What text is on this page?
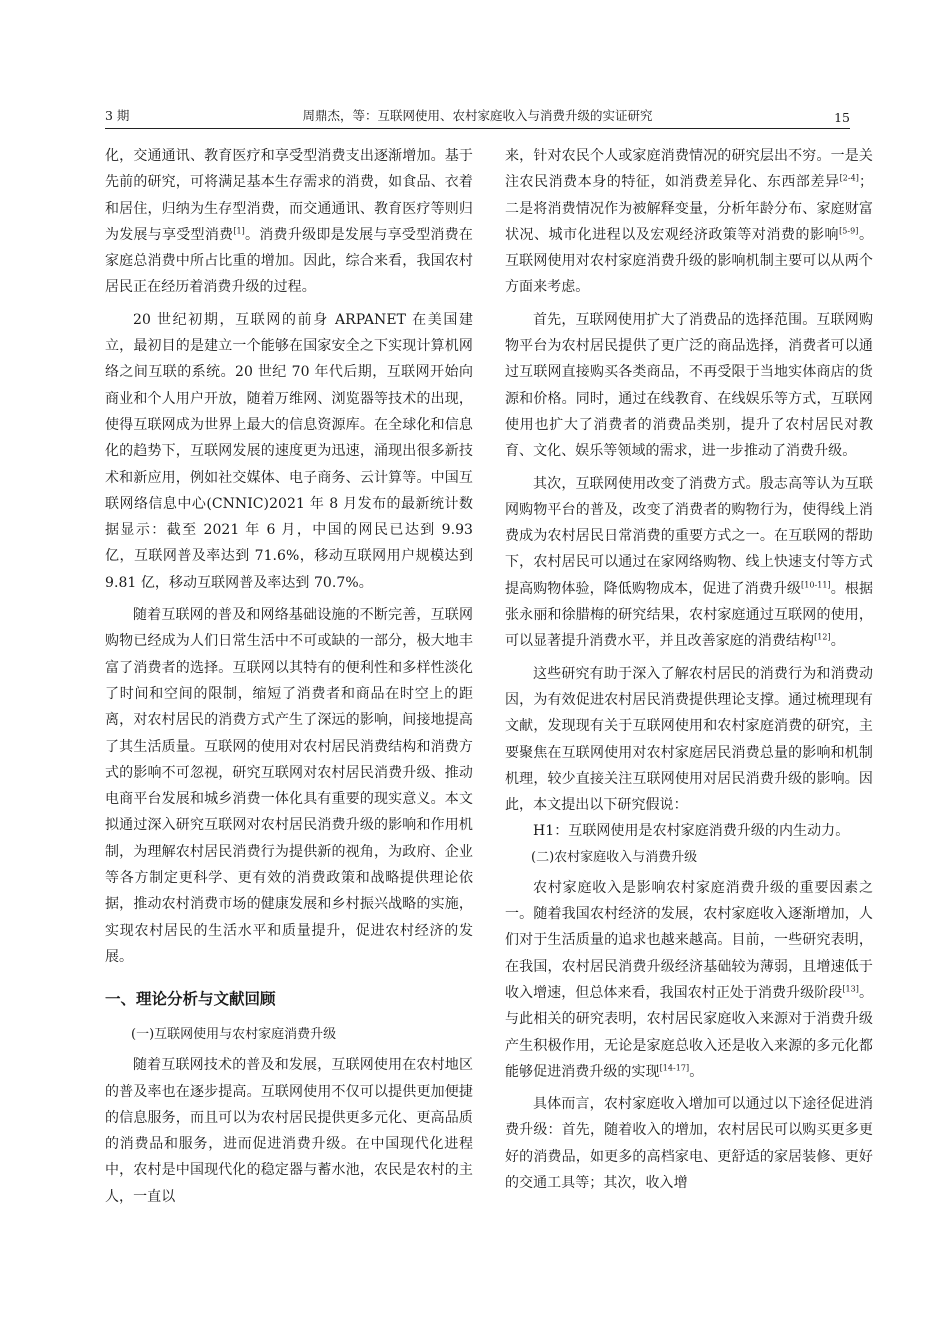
3 期	周鼎杰，等：互联网使用、农村家庭收入与消费升级的实证研究	15

化，交通通讯、教育医疗和享受型消费支出逐渐增加。基于先前的研究，可将满足基本生存需求的消费，如食品、衣着和居住，归纳为生存型消费，而交通通讯、教育医疗等则归为发展与享受型消费[1]。消费升级即是发展与享受型消费在家庭总消费中所占比重的增加。因此，综合来看，我国农村居民正在经历着消费升级的过程。

20 世纪初期，互联网的前身 ARPANET 在美国建立，最初目的是建立一个能够在国家安全之下实现计算机网络之间互联的系统。20 世纪 70 年代后期，互联网开始向商业和个人用户开放，随着万维网、浏览器等技术的出现，使得互联网成为世界上最大的信息资源库。在全球化和信息化的趋势下，互联网发展的速度更为迅速，涌现出很多新技术和新应用，例如社交媒体、电子商务、云计算等。中国互联网络信息中心(CNNIC)2021 年 8 月发布的最新统计数据显示：截至 2021 年 6 月，中国的网民已达到 9.93 亿，互联网普及率达到 71.6%，移动互联网用户规模达到 9.81 亿，移动互联网普及率达到 70.7%。

随着互联网的普及和网络基础设施的不断完善，互联网购物已经成为人们日常生活中不可或缺的一部分，极大地丰富了消费者的选择。互联网以其特有的便利性和多样性淡化了时间和空间的限制，缩短了消费者和商品在时空上的距离，对农村居民的消费方式产生了深远的影响，间接地提高了其生活质量。互联网的使用对农村居民消费结构和消费方式的影响不可忽视，研究互联网对农村居民消费升级、推动电商平台发展和城乡消费一体化具有重要的现实意义。本文拟通过深入研究互联网对农村居民消费升级的影响和作用机制，为理解农村居民消费行为提供新的视角，为政府、企业等各方制定更科学、更有效的消费政策和战略提供理论依据，推动农村消费市场的健康发展和乡村振兴战略的实施，实现农村居民的生活水平和质量提升，促进农村经济的发展。

一、理论分析与文献回顾
(一)互联网使用与农村家庭消费升级

随着互联网技术的普及和发展，互联网使用在农村地区的普及率也在逐步提高。互联网使用不仅可以提供更加便捷的信息服务，而且可以为农村居民提供更多元化、更高品质的消费品和服务，进而促进消费升级。在中国现代化进程中，农村是中国现代化的稳定器与蓄水池，农民是农村的主人，一直以

来，针对农民个人或家庭消费情况的研究层出不穷。一是关注农民消费本身的特征，如消费差异化、东西部差异[2-4]；二是将消费情况作为被解释变量，分析年龄分布、家庭财富状况、城市化进程以及宏观经济政策等对消费的影响[5-9]。互联网使用对农村家庭消费升级的影响机制主要可以从两个方面来考虑。

首先，互联网使用扩大了消费品的选择范围。互联网购物平台为农村居民提供了更广泛的商品选择，消费者可以通过互联网直接购买各类商品，不再受限于当地实体商店的货源和价格。同时，通过在线教育、在线娱乐等方式，互联网使用也扩大了消费者的消费品类别，提升了农村居民对教育、文化、娱乐等领域的需求，进一步推动了消费升级。

其次，互联网使用改变了消费方式。殷志高等认为互联网购物平台的普及，改变了消费者的购物行为，使得线上消费成为农村居民日常消费的重要方式之一。在互联网的帮助下，农村居民可以通过在家网络购物、线上快速支付等方式提高购物体验，降低购物成本，促进了消费升级[10-11]。根据张永丽和徐腊梅的研究结果，农村家庭通过互联网的使用，可以显著提升消费水平，并且改善家庭的消费结构[12]。

这些研究有助于深入了解农村居民的消费行为和消费动因，为有效促进农村居民消费提供理论支撑。通过梳理现有文献，发现现有关于互联网使用和农村家庭消费的研究，主要聚焦在互联网使用对农村家庭居民消费总量的影响和机制机理，较少直接关注互联网使用对居民消费升级的影响。因此，本文提出以下研究假说：

H1：互联网使用是农村家庭消费升级的内生动力。

(二)农村家庭收入与消费升级

农村家庭收入是影响农村家庭消费升级的重要因素之一。随着我国农村经济的发展，农村家庭收入逐渐增加，人们对于生活质量的追求也越来越高。目前，一些研究表明，在我国，农村居民消费升级经济基础较为薄弱，且增速低于收入增速，但总体来看，我国农村正处于消费升级阶段[13]。与此相关的研究表明，农村居民家庭收入来源对于消费升级产生积极作用，无论是家庭总收入还是收入来源的多元化都能够促进消费升级的实现[14-17]。

具体而言，农村家庭收入增加可以通过以下途径促进消费升级：首先，随着收入的增加，农村居民可以购买更多更好的消费品，如更多的高档家电、更舒适的家居装修、更好的交通工具等；其次，收入增
